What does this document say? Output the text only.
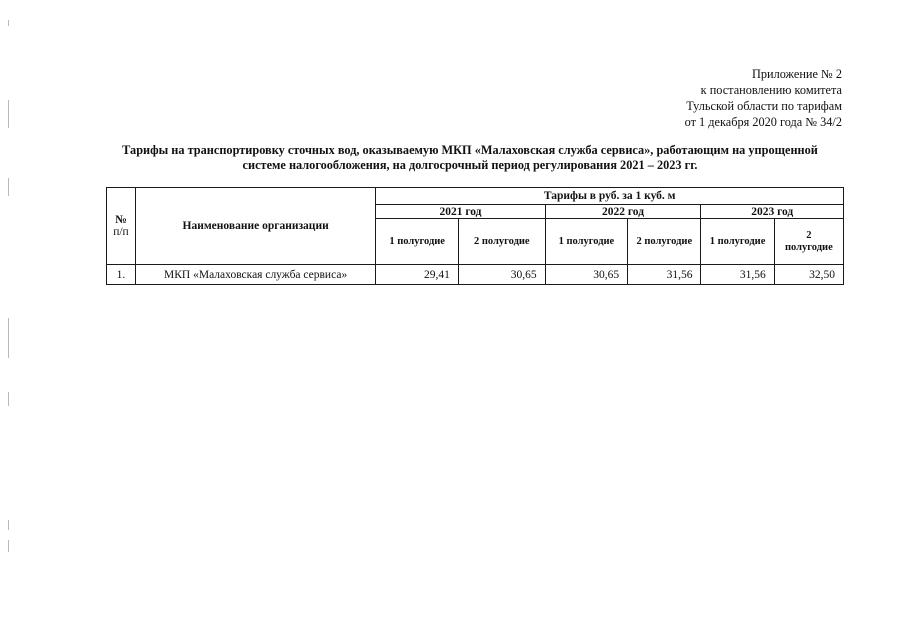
Приложение № 2
к постановлению комитета
Тульской области по тарифам
от 1 декабря 2020 года № 34/2
Тарифы на транспортировку сточных вод, оказываемую МКП «Малаховская служба сервиса», работающим на упрощенной
системе налогообложения, на долгосрочный период регулирования 2021 – 2023 гг.
№
п/п	Наименование организации	Тарифы в руб. за 1 куб. м					
		2021 год		2022 год		2023 год	
		1 полугодие	2 полугодие	1 полугодие	2 полугодие	1 полугодие	2
полугодие

1.	МКП «Малаховская служба сервиса»	29,41	30,65	30,65	31,56	31,56	32,50
